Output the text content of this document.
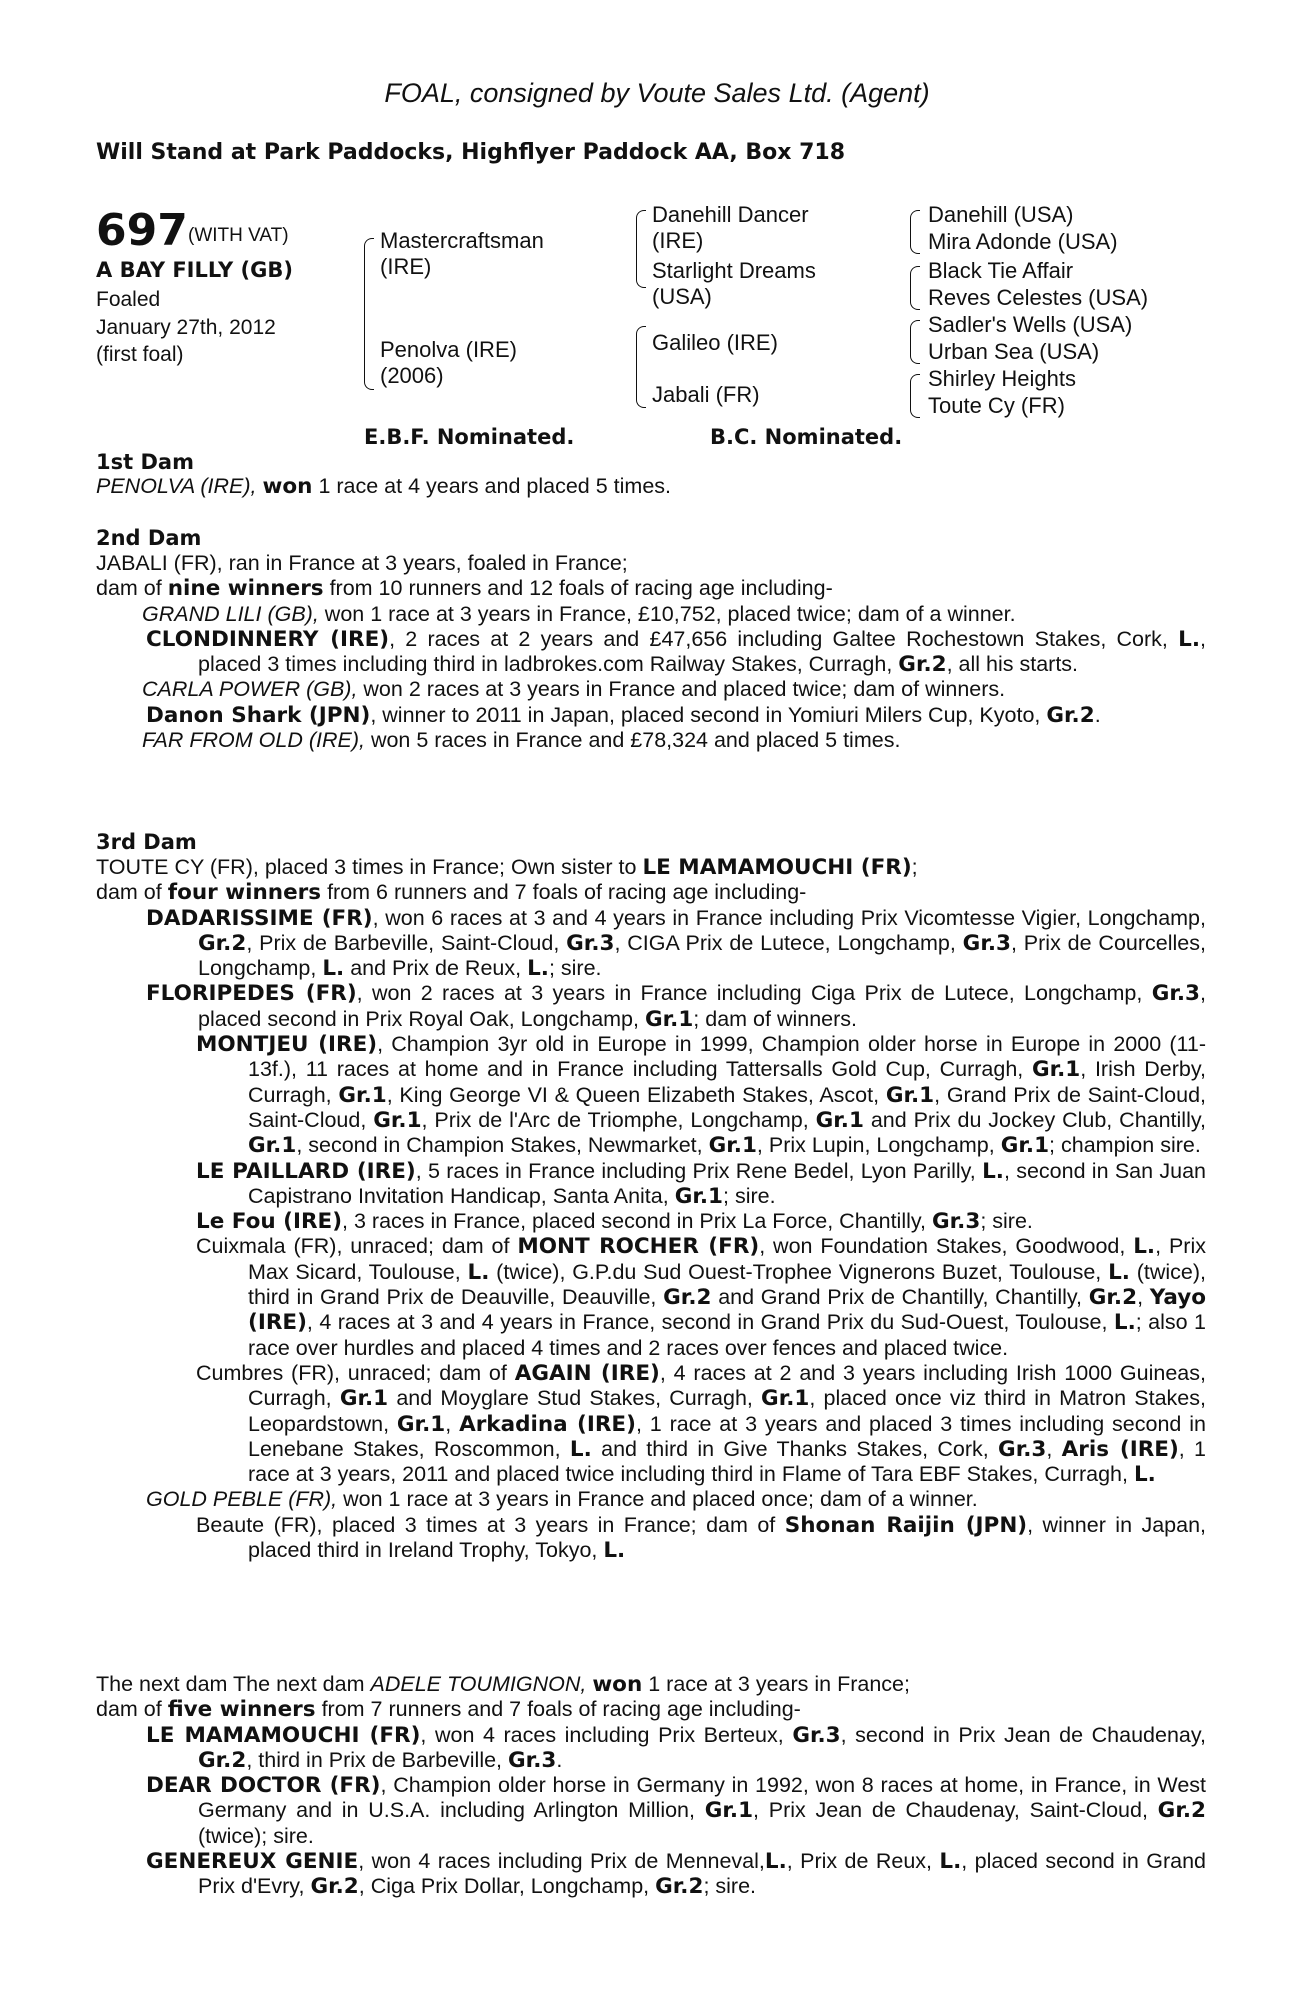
FOAL, consigned by Voute Sales Ltd. (Agent)
Will Stand at Park Paddocks, Highflyer Paddock AA, Box 718
697 (WITH VAT)
A BAY FILLY (GB)
Foaled
January 27th, 2012
(first foal)
Mastercraftsman
(IRE)
Penolva (IRE)
(2006)
Danehill Dancer
(IRE)
Starlight Dreams
(USA)
Galileo (IRE)
Jabali (FR)
Danehill (USA)
Mira Adonde (USA)
Black Tie Affair
Reves Celestes (USA)
Sadler's Wells (USA)
Urban Sea (USA)
Shirley Heights
Toute Cy (FR)
E.B.F. Nominated.	B.C. Nominated.
1st Dam

PENOLVA (IRE), won 1 race at 4 years and placed 5 times.

2nd Dam

JABALI (FR), ran in France at 3 years, foaled in France;

dam of nine winners from 10 runners and 12 foals of racing age including-

GRAND LILI (GB), won 1 race at 3 years in France, £10,752, placed twice; dam of a winner.

CLONDINNERY (IRE), 2 races at 2 years and £47,656 including Galtee Rochestown Stakes, Cork, L., placed 3 times including third in ladbrokes.com Railway Stakes, Curragh, Gr.2, all his starts.

CARLA POWER (GB), won 2 races at 3 years in France and placed twice; dam of winners.

Danon Shark (JPN), winner to 2011 in Japan, placed second in Yomiuri Milers Cup, Kyoto, Gr.2.

FAR FROM OLD (IRE), won 5 races in France and £78,324 and placed 5 times.

3rd Dam

TOUTE CY (FR), placed 3 times in France; Own sister to LE MAMAMOUCHI (FR);

dam of four winners from 6 runners and 7 foals of racing age including-

DADARISSIME (FR), won 6 races at 3 and 4 years in France including Prix Vicomtesse Vigier, Longchamp, Gr.2, Prix de Barbeville, Saint-Cloud, Gr.3, CIGA Prix de Lutece, Longchamp, Gr.3, Prix de Courcelles, Longchamp, L. and Prix de Reux, L.; sire.

FLORIPEDES (FR), won 2 races at 3 years in France including Ciga Prix de Lutece, Longchamp, Gr.3, placed second in Prix Royal Oak, Longchamp, Gr.1; dam of winners.

MONTJEU (IRE), Champion 3yr old in Europe in 1999, Champion older horse in Europe in 2000 (11-13f.), 11 races at home and in France including Tattersalls Gold Cup, Curragh, Gr.1, Irish Derby, Curragh, Gr.1, King George VI & Queen Elizabeth Stakes, Ascot, Gr.1, Grand Prix de Saint-Cloud, Saint-Cloud, Gr.1, Prix de l'Arc de Triomphe, Longchamp, Gr.1 and Prix du Jockey Club, Chantilly, Gr.1, second in Champion Stakes, Newmarket, Gr.1, Prix Lupin, Longchamp, Gr.1; champion sire.

LE PAILLARD (IRE), 5 races in France including Prix Rene Bedel, Lyon Parilly, L., second in San Juan Capistrano Invitation Handicap, Santa Anita, Gr.1; sire.

Le Fou (IRE), 3 races in France, placed second in Prix La Force, Chantilly, Gr.3; sire.

Cuixmala (FR), unraced; dam of MONT ROCHER (FR), won Foundation Stakes, Goodwood, L., Prix Max Sicard, Toulouse, L. (twice), G.P.du Sud Ouest-Trophee Vignerons Buzet, Toulouse, L. (twice), third in Grand Prix de Deauville, Deauville, Gr.2 and Grand Prix de Chantilly, Chantilly, Gr.2, Yayo (IRE), 4 races at 3 and 4 years in France, second in Grand Prix du Sud-Ouest, Toulouse, L.; also 1 race over hurdles and placed 4 times and 2 races over fences and placed twice.

Cumbres (FR), unraced; dam of AGAIN (IRE), 4 races at 2 and 3 years including Irish 1000 Guineas, Curragh, Gr.1 and Moyglare Stud Stakes, Curragh, Gr.1, placed once viz third in Matron Stakes, Leopardstown, Gr.1, Arkadina (IRE), 1 race at 3 years and placed 3 times including second in Lenebane Stakes, Roscommon, L. and third in Give Thanks Stakes, Cork, Gr.3, Aris (IRE), 1 race at 3 years, 2011 and placed twice including third in Flame of Tara EBF Stakes, Curragh, L.

GOLD PEBLE (FR), won 1 race at 3 years in France and placed once; dam of a winner.

Beaute (FR), placed 3 times at 3 years in France; dam of Shonan Raijin (JPN), winner in Japan, placed third in Ireland Trophy, Tokyo, L.

The next dam The next dam ADELE TOUMIGNON, won 1 race at 3 years in France;

dam of five winners from 7 runners and 7 foals of racing age including-

LE MAMAMOUCHI (FR), won 4 races including Prix Berteux, Gr.3, second in Prix Jean de Chaudenay, Gr.2, third in Prix de Barbeville, Gr.3.

DEAR DOCTOR (FR), Champion older horse in Germany in 1992, won 8 races at home, in France, in West Germany and in U.S.A. including Arlington Million, Gr.1, Prix Jean de Chaudenay, Saint-Cloud, Gr.2 (twice); sire.

GENEREUX GENIE, won 4 races including Prix de Menneval,L., Prix de Reux, L., placed second in Grand Prix d'Evry, Gr.2, Ciga Prix Dollar, Longchamp, Gr.2; sire.
